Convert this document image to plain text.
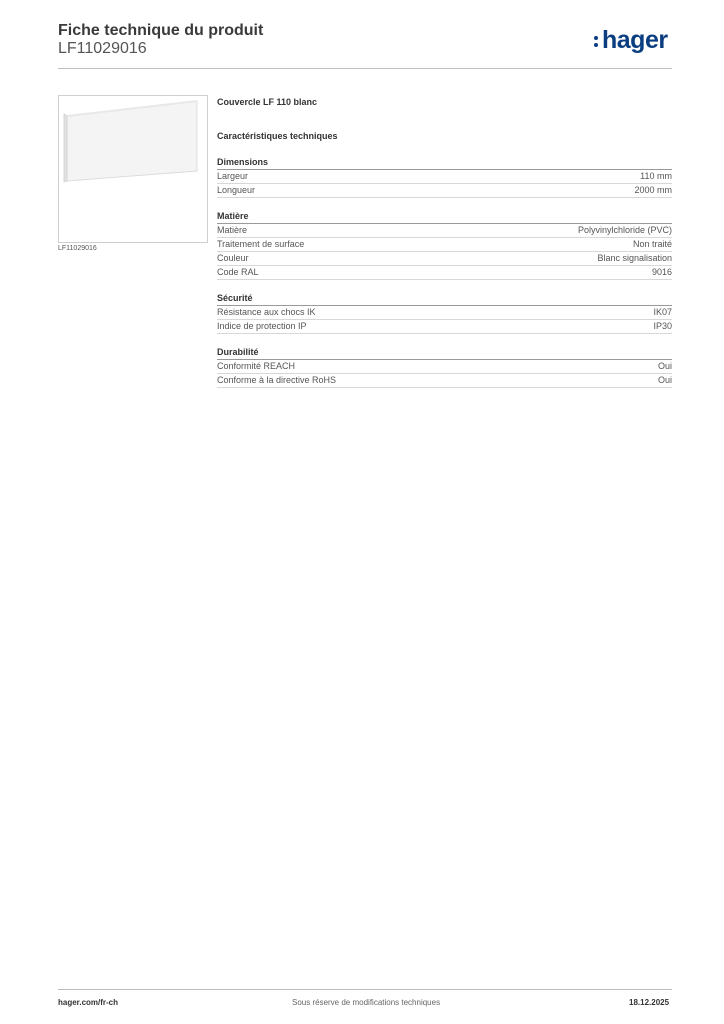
Fiche technique du produit
LF11029016	hager
LF11029016
Couvercle LF 110 blanc
Caractéristiques techniques
Dimensions
Largeur	110 mm
Longueur	2000 mm
Matière
Matière	Polyvinylchloride (PVC)
Traitement de surface	Non traité
Couleur	Blanc signalisation
Code RAL	9016
Sécurité
Résistance aux chocs IK	IK07
Indice de protection IP	IP30
Durabilité
Conformité REACH	Oui
Conforme à la directive RoHS	Oui
hager.com/fr-ch	Sous réserve de modifications techniques	18.12.2025
